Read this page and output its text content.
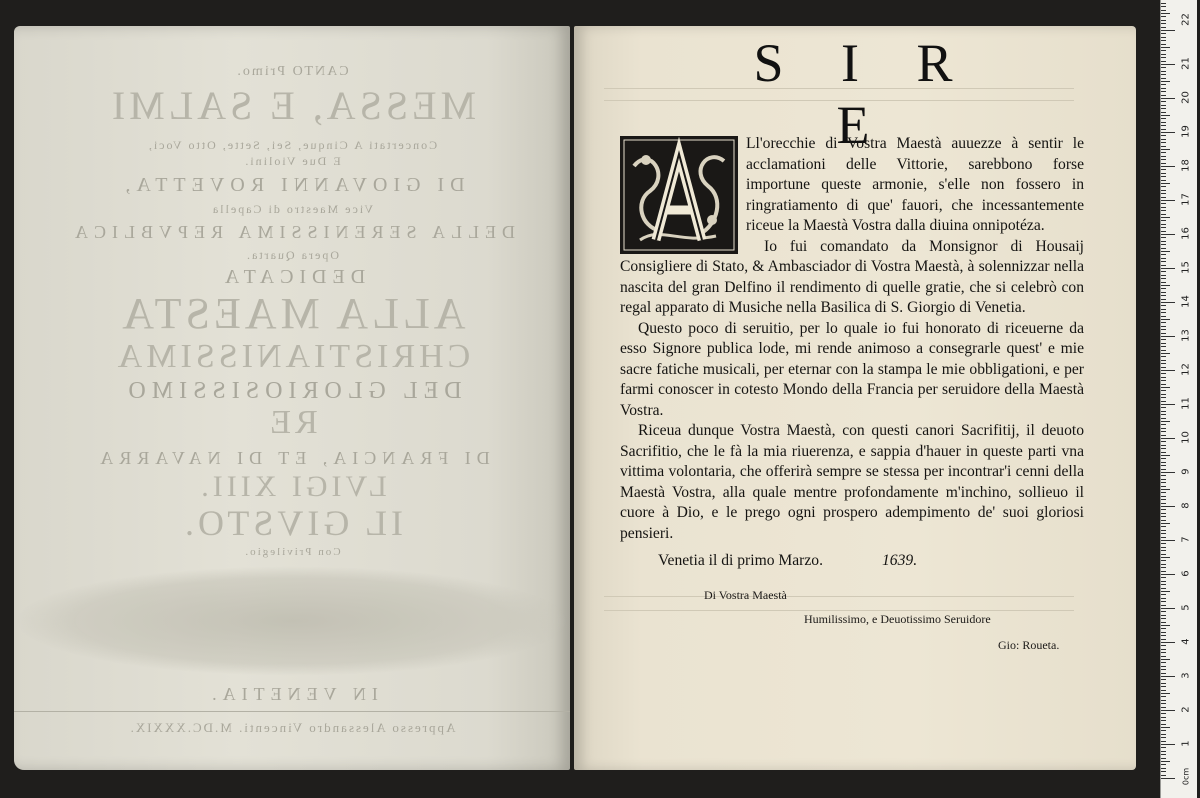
CANTO Primo.
MESSA, E SALMI
Concertati A Cinque, Sei, Sette, Otto Voci,
E Due Violini.
DI GIOVANNI ROVETTA,
Vice Maestro di Capella
DELLA SERENISSIMA REPVBLICA
Opera Quarta.
DEDICATA
ALLA MAESTA
CHRISTIANISSIMA
DEL GLORIOSISSIMO
RE
DI FRANCIA, ET DI NAVARRA
LVIGI XIII.
IL GIVSTO.
Con Privilegio.
IN VENETIA.
Appresso Alessandro Vincenti. M.DC.XXXIX.
S I R E

Ll'orecchie di Vostra Maestà auuezze à sentir le acclamationi delle Vittorie, sarebbono forse importune queste armonie, s'elle non fossero in ringratiamento di que' fauori, che incessantemente riceue la Maestà Vostra dalla diuina onnipotéza.

Io fui comandato da Monsignor di Housaij Consigliere di Stato, & Ambasciador di Vostra Maestà, à solennizzar nella nascita del gran Delfino il rendimento di quelle gratie, che si celebrò con regal apparato di Musiche nella Basilica di S. Giorgio di Venetia.

Questo poco di seruitio, per lo quale io fui honorato di riceuerne da esso Signore publica lode, mi rende animoso a consegrarle quest' e mie sacre fatiche musicali, per eternar con la stampa le mie obbligationi, e per farmi conoscer in cotesto Mondo della Francia per seruidore della Maestà Vostra.

Riceua dunque Vostra Maestà, con questi canori Sacrifitij, il deuoto Sacrifitio, che le fà la mia riuerenza, e sappia d'hauer in queste parti vna vittima volontaria, che offerirà sempre se stessa per incontrar'i cenni della Maestà Vostra, alla quale mentre profondamente m'inchino, sollieuo il cuore à Dio, e le prego ogni prospero adempimento de' suoi gloriosi pensieri.

Venetia il di primo Marzo.	1639.
Di Vostra Maestà
Humilissimo, e Deuotissimo Seruidore
Gio: Roueta.
0cm
1
2
3
4
5
6
7
8
9
10
11
12
13
14
15
16
17
18
19
20
21
22
